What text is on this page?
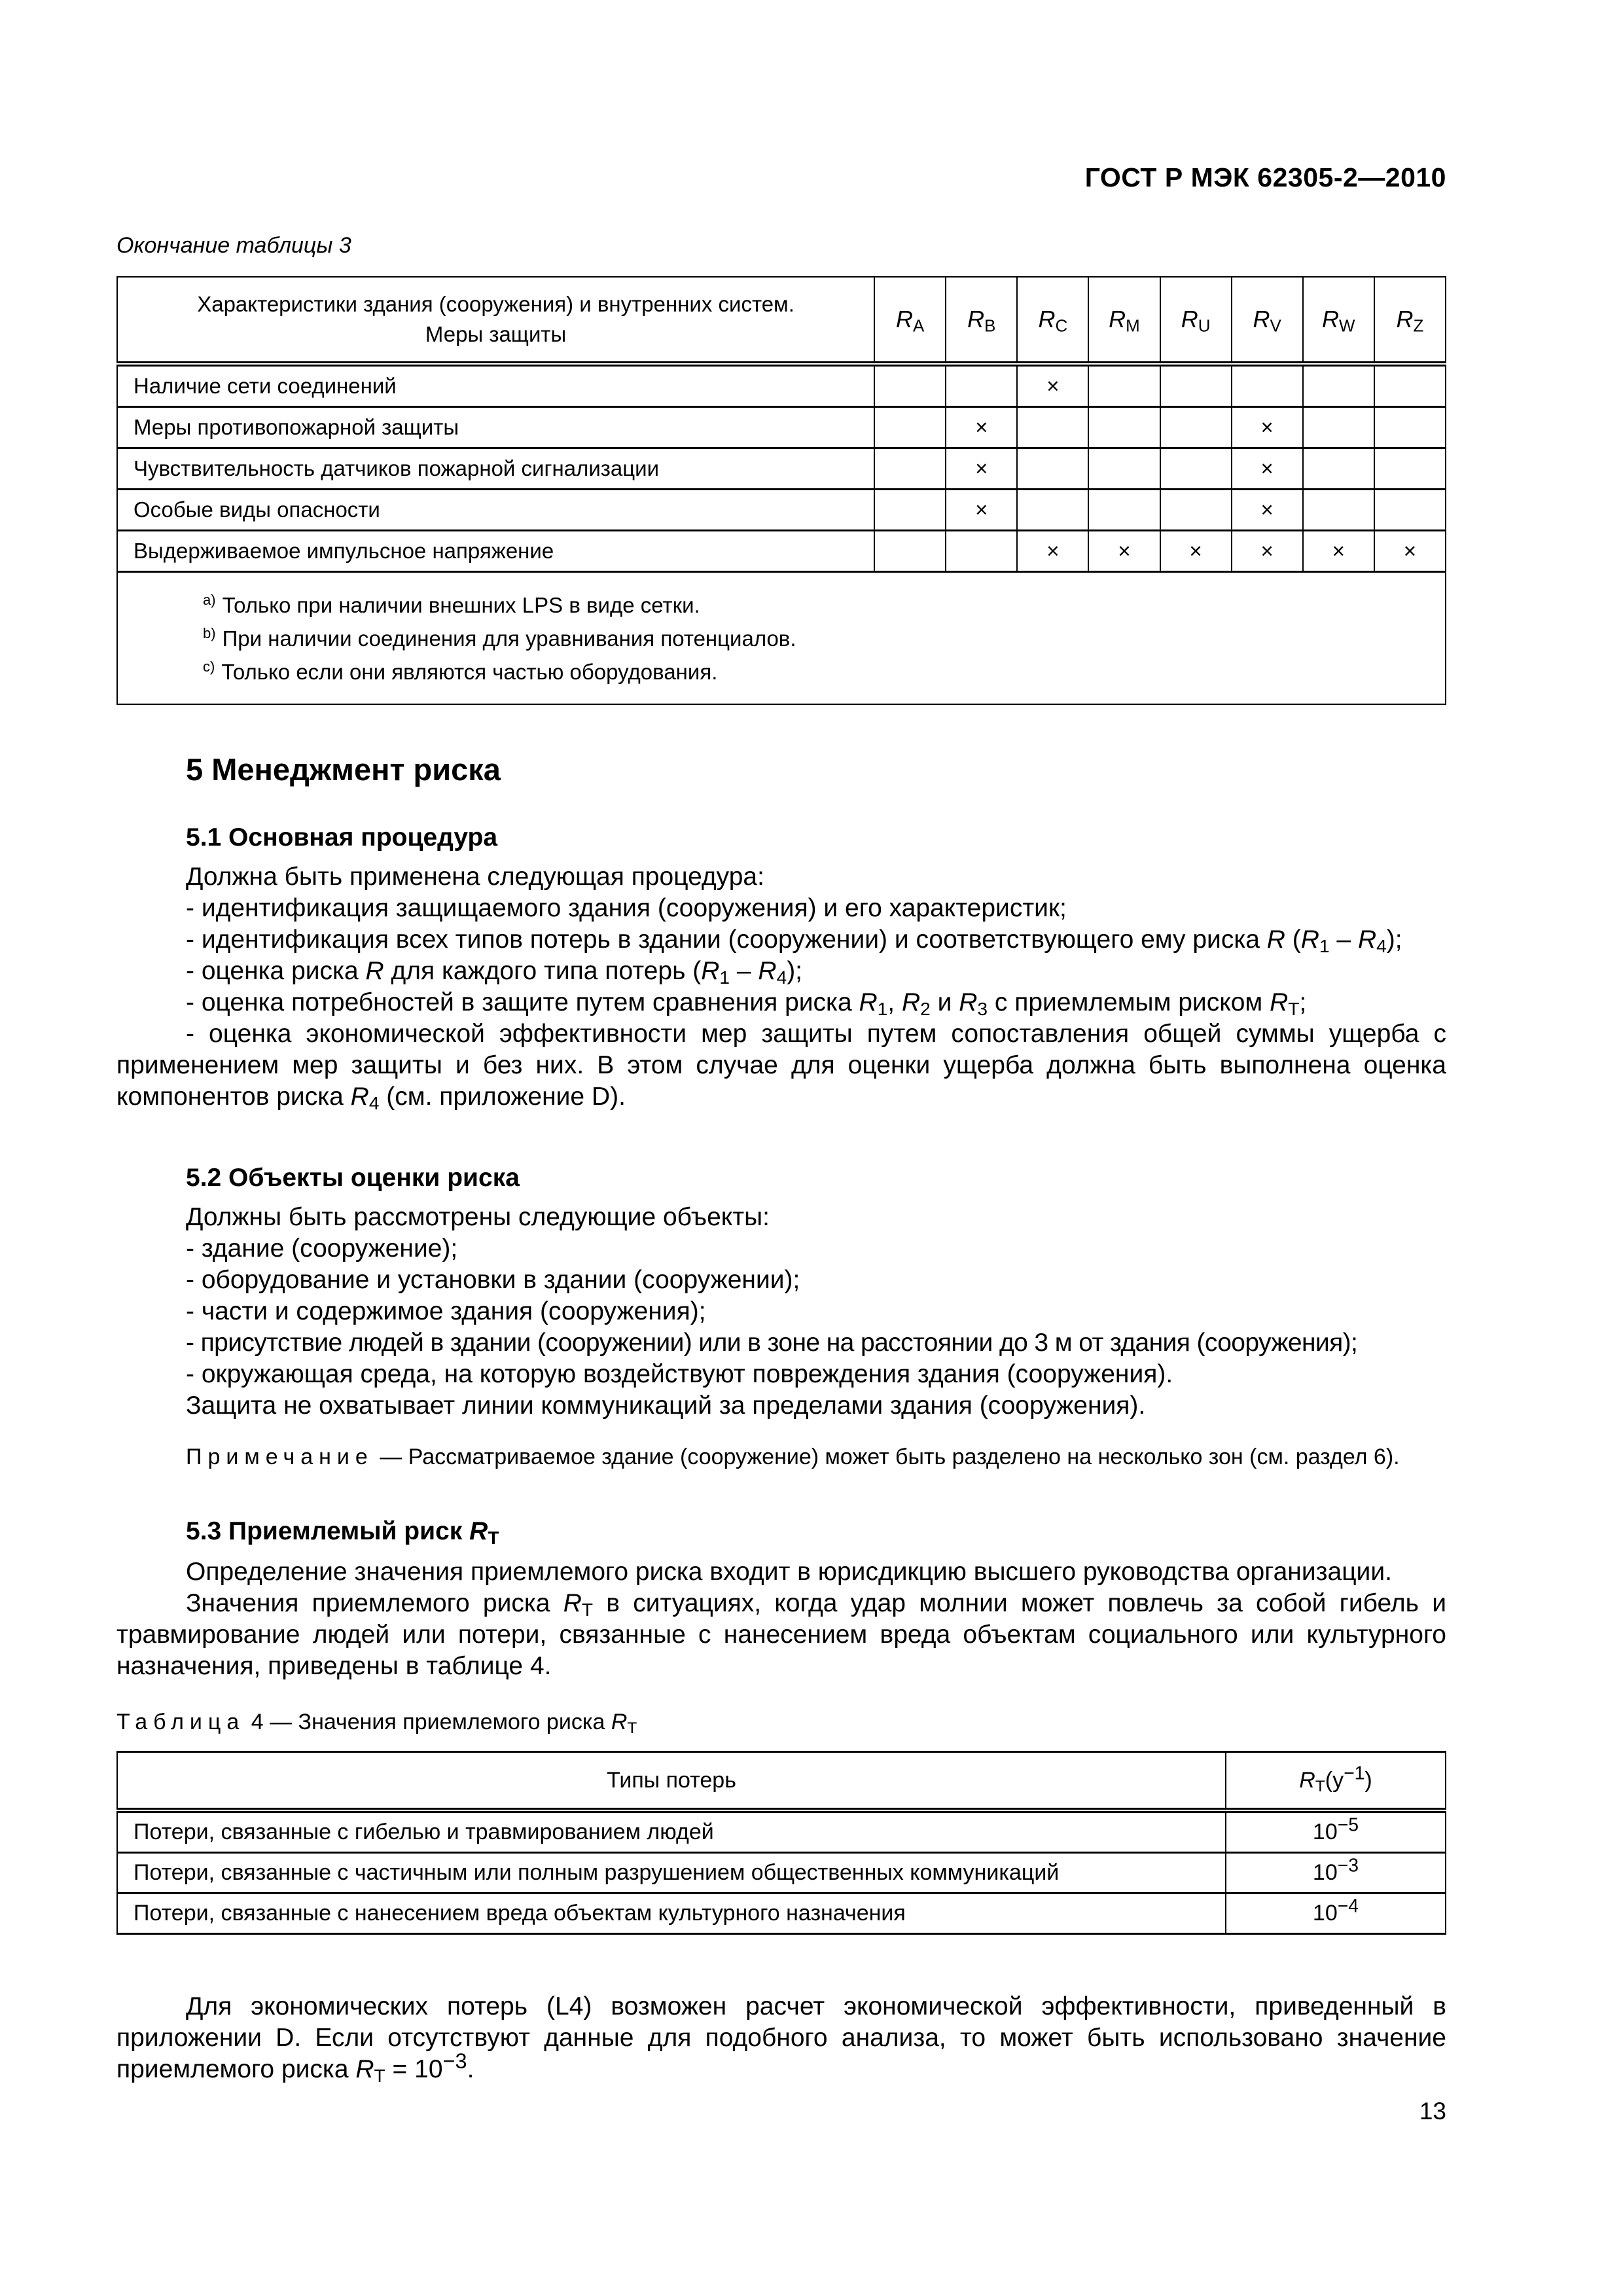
ГОСТ Р МЭК 62305-2—2010
Окончание таблицы 3
Характеристики здания (сооружения) и внутренних систем.
Меры защиты	$R_A$	$R_B$	$R_C$	$R_M$	$R_U$	$R_V$	$R_W$	$R_Z$
Наличие сети соединений			×					
Меры противопожарной защиты		×				×		
Чувствительность датчиков пожарной сигнализации		×				×		
Особые виды опасности		×				×		
Выдерживаемое импульсное напряжение			×	×	×	×	×	×

$^{a)}$ Только при наличии внешних LPS в виде сетки.
$^{b)}$ При наличии соединения для уравнивания потенциалов.
$^{c)}$ Только если они являются частью оборудования.								
5 Менеджмент риска
5.1 Основная процедура

Должна быть применена следующая процедура:

- идентификация защищаемого здания (сооружения) и его характеристик;

- идентификация всех типов потерь в здании (сооружении) и соответствующего ему риска R $(R_1 - R_4)$;

- оценка риска R для каждого типа потерь $(R_1 - R_4)$;

- оценка потребностей в защите путем сравнения риска $R_1$, $R_2$ и $R_3$ с приемлемым риском $R_T$;

- оценка экономической эффективности мер защиты путем сопоставления общей суммы ущерба с применением мер защиты и без них. В этом случае для оценки ущерба должна быть выполнена оценка компонентов риска $R_4$ (см. приложение D).

5.2 Объекты оценки риска

Должны быть рассмотрены следующие объекты:

- здание (сооружение);

- оборудование и установки в здании (сооружении);

- части и содержимое здания (сооружения);

- присутствие людей в здании (сооружении) или в зоне на расстоянии до 3 м от здания (сооружения);

- окружающая среда, на которую воздействуют повреждения здания (сооружения).

Защита не охватывает линии коммуникаций за пределами здания (сооружения).

Примечание — Рассматриваемое здание (сооружение) может быть разделено на несколько зон (см. раздел 6).
5.3 Приемлемый риск $R_T$

Определение значения приемлемого риска входит в юрисдикцию высшего руководства организации.

Значения приемлемого риска $R_T$ в ситуациях, когда удар молнии может повлечь за собой гибель и травмирование людей или потери, связанные с нанесением вреда объектам социального или культурного назначения, приведены в таблице 4.

Таблица 4 — Значения приемлемого риска $R_T$
Типы потерь	$R_T(y^{-1})$
Потери, связанные с гибелью и травмированием людей	$10^{-5}$
Потери, связанные с частичным или полным разрушением общественных коммуникаций	$10^{-3}$
Потери, связанные с нанесением вреда объектам культурного назначения	$10^{-4}$

Для экономических потерь (L4) возможен расчет экономической эффективности, приведенный в приложении D. Если отсутствуют данные для подобного анализа, то может быть использовано значение приемлемого риска $R_T = 10^{-3}$.

13
